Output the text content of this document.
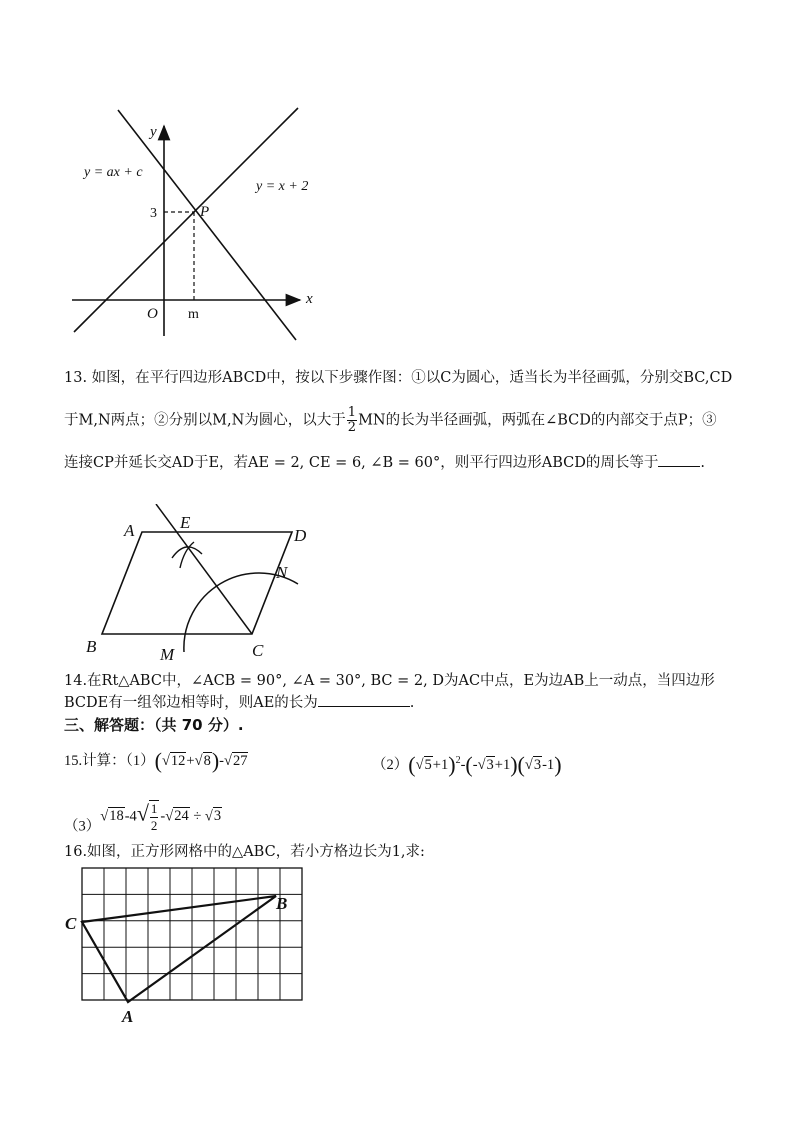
y
x
O
y = ax + c
y = x + 2
3
m
P
13. 如图，在平行四边形ABCD中，按以下步骤作图：①以C为圆心，适当长为半径画弧，分别交BC,CD
于M,N两点；②分别以M,N为圆心，以大于 $\frac{1}{2}$ MN的长为半径画弧，两弧在∠BCD的内部交于点P；③
连接CP并延长交AD于E，若AE = 2, CE = 6, ∠B = 60°，则平行四边形ABCD的周长等于	.
A	E
D
N
B	M	C
14.在Rt△ABC中，∠ACB = 90°, ∠A = 30°, BC = 2, D为AC中点，E为边AB上一动点，当四边形
BCDE有一组邻边相等时，则AE的长为	.
三、解答题：（共 70 分）.
15.计算：（1）(√12+√8)-√27	$(2)(√5+1)^2-(-√3+1)(√3-1)$
$(3)√18-4√ \frac{1}{2} -√24 \div √3$
16.如图，正方形网格中的△ABC，若小方格边长为1,求:
C
B
A
